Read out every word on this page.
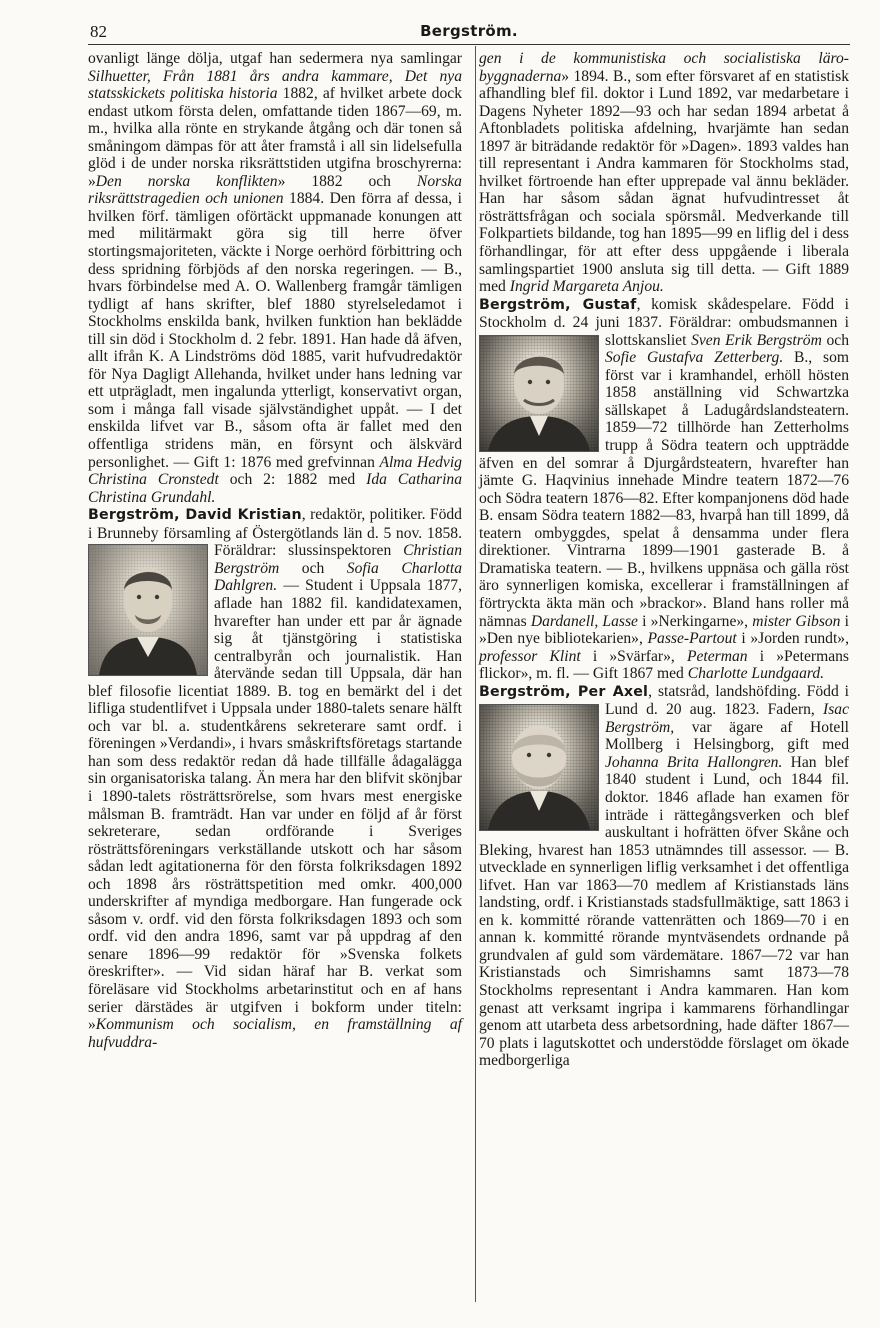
82	Bergström.

ovanligt länge dölja, utgaf han sedermera nya samlingar Silhuetter, Från 1881 års andra kammare, Det nya statsskickets politiska historia 1882, af hvilket arbete dock endast utkom första delen, omfattande tiden 1867—69, m. m., hvilka alla rönte en strykande åtgång och där tonen så småningom dämpas för att åter framstå i all sin lidelsefulla glöd i de under norska riksrättstiden utgifna broschyrerna: »Den norska konflikten» 1882 och Norska riksrättstragedien och unionen 1884. Den förra af dessa, i hvilken förf. tämligen oförtäckt uppmanade konungen att med militärmakt göra sig till herre öfver stortingsmajoriteten, väckte i Norge oerhörd förbittring och dess spridning förbjöds af den norska regeringen. — B., hvars förbindelse med A. O. Wallenberg framgår tämligen tydligt af hans skrifter, blef 1880 styrelseledamot i Stockholms enskilda bank, hvilken funktion han beklädde till sin död i Stockholm d. 2 febr. 1891. Han hade då äfven, allt ifrån K. A Lindströms död 1885, varit hufvudredaktör för Nya Dagligt Allehanda, hvilket under hans ledning var ett utprägladt, men ingalunda ytterligt, konservativt organ, som i många fall visade självständighet uppåt. — I det enskilda lifvet var B., såsom ofta är fallet med den offentliga stridens män, en försynt och älskvärd personlighet. — Gift 1: 1876 med grefvinnan Alma Hedvig Christina Cronstedt och 2: 1882 med Ida Catharina Christina Grundahl.

Bergström, David Kristian, redaktör, politiker. Född i Brunneby församling af Östergötlands län d. 5 nov. 1858. Föräldrar: slussinspektoren
Christian Bergström och Sofia Charlotta Dahlgren. — Student i Uppsala 1877, aflade han 1882 fil. kandidatexamen, hvarefter han under ett par år ägnade sig åt tjänstgöring i statistiska centralbyrån och journalistik. Han återvände sedan till Uppsala, där han blef filosofie licentiat 1889. B. tog en bemärkt del i det lifliga studentlifvet i Uppsala under 1880-talets senare hälft och var bl. a. studentkårens sekreterare samt ordf. i föreningen »Verdandi», i hvars småskriftsföretags startande han som dess redaktör redan då hade tillfälle ådagalägga sin organisatoriska talang. Än mera har den blifvit skönjbar i 1890-talets rösträttsrörelse, som hvars mest energiske målsman B. framträdt. Han var under en följd af år först sekreterare, sedan ordförande i Sveriges rösträttsföreningars verkställande utskott och har såsom sådan ledt agitationerna för den första folkriksdagen 1892 och 1898 års rösträttspetition med omkr. 400,000 underskrifter af myndiga medborgare. Han fungerade ock såsom v. ordf. vid den första folkriksdagen 1893 och som ordf. vid den andra 1896, samt var på uppdrag af den senare 1896—99 redaktör för »Svenska folkets öreskrifter». — Vid sidan häraf har B. verkat som föreläsare vid Stockholms arbetarinstitut och en af hans serier därstädes är utgifven i bokform under titeln: »Kommunism och socialism, en framställning af hufvuddra-

gen i de kommunistiska och socialistiska läro-byggnaderna» 1894. B., som efter försvaret af en statistisk afhandling blef fil. doktor i Lund 1892, var medarbetare i Dagens Nyheter 1892—93 och har sedan 1894 arbetat å Aftonbladets politiska afdelning, hvarjämte han sedan 1897 är biträdande redaktör för »Dagen». 1893 valdes han till representant i Andra kammaren för Stockholms stad, hvilket förtroende han efter upprepade val ännu bekläder. Han har såsom sådan ägnat hufvudintresset åt rösträttsfrågan och sociala spörsmål. Medverkande till Folkpartiets bildande, tog han 1895—99 en liflig del i dess förhandlingar, för att efter dess uppgående i liberala samlingspartiet 1900 ansluta sig till detta. — Gift 1889 med Ingrid Margareta Anjou.

Bergström, Gustaf, komisk skådespelare. Född i Stockholm d. 24 juni 1837. Föräldrar: ombudsmannen i slottskansliet
Sven Erik Bergström och Sofie Gustafva Zetterberg. B., som först var i kramhandel, erhöll hösten 1858 anställning vid Schwartzka sällskapet å Ladugårdslandsteatern. 1859—72 tillhörde han Zetterholms trupp å Södra teatern och uppträdde äfven en del somrar å Djurgårdsteatern, hvarefter han jämte G. Haqvinius innehade Mindre teatern 1872—76 och Södra teatern 1876—82. Efter kompanjonens död hade B. ensam Södra teatern 1882—83, hvarpå han till 1899, då teatern ombyggdes, spelat å densamma under flera direktioner. Vintrarna 1899—1901 gasterade B. å Dramatiska teatern. — B., hvilkens uppnäsa och gälla röst äro synnerligen komiska, excellerar i framställningen af förtryckta äkta män och »brackor». Bland hans roller må nämnas Dardanell, Lasse i »Nerkingarne», mister Gibson i »Den nye bibliotekarien», Passe-Partout i »Jorden rundt», professor Klint i »Svärfar», Peterman i »Petermans flickor», m. fl. — Gift 1867 med Charlotte Lundgaard.

Bergström, Per Axel, statsråd, landshöfding. Född i Lund d. 20 aug. 1823. Fadern,
Isac Bergström, var ägare af Hotell Mollberg i Helsingborg, gift med Johanna Brita Hallongren. Han blef 1840 student i Lund, och 1844 fil. doktor. 1846 aflade han examen för inträde i rättegångsverken och blef auskultant i hofrätten öfver Skåne och Bleking, hvarest han 1853 utnämndes till assessor. — B. utvecklade en synnerligen liflig verksamhet i det offentliga lifvet. Han var 1863—70 medlem af Kristianstads läns landsting, ordf. i Kristianstads stadsfullmäktige, satt 1863 i en k. kommitté rörande vattenrätten och 1869—70 i en annan k. kommitté rörande myntväsendets ordnande på grundvalen af guld som värdemätare. 1867—72 var han Kristianstads och Simrishamns samt 1873—78 Stockholms representant i Andra kammaren. Han kom genast att verksamt ingripa i kammarens förhandlingar genom att utarbeta dess arbetsordning, hade däfter 1867—70 plats i lagutskottet och understödde förslaget om ökade medborgerliga
